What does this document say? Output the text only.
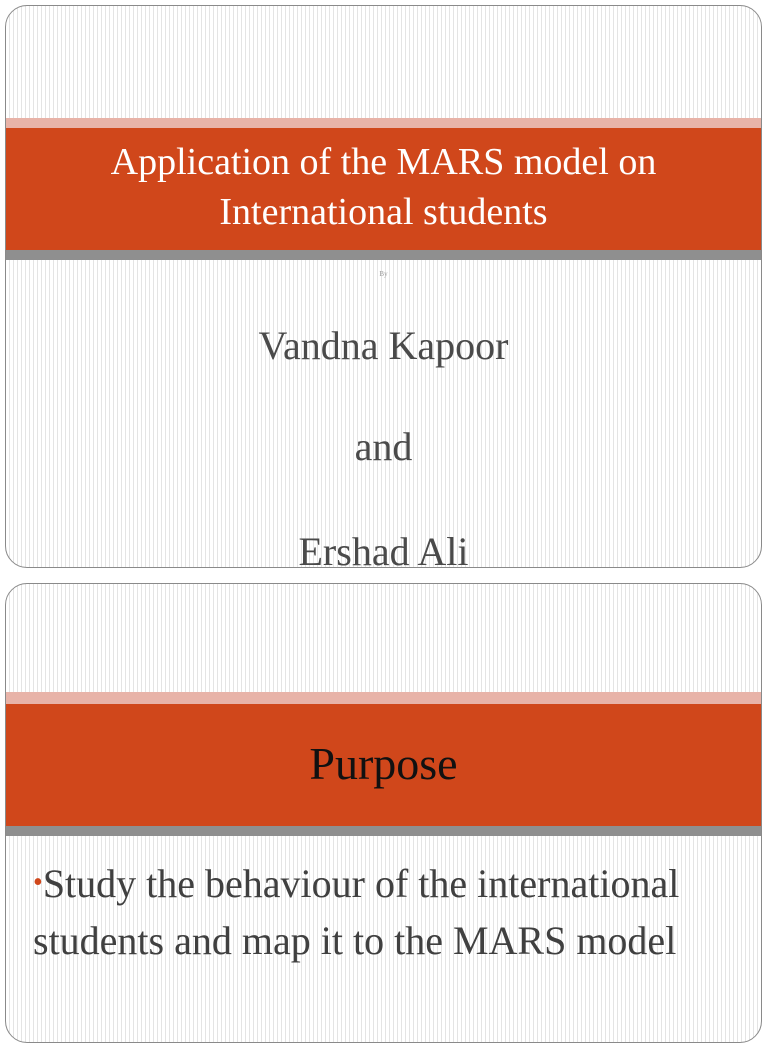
Application of the MARS model on
International students
By
Vandna Kapoor
and
Ershad Ali
Purpose

•Study the behaviour of the international students and map it to the MARS model
